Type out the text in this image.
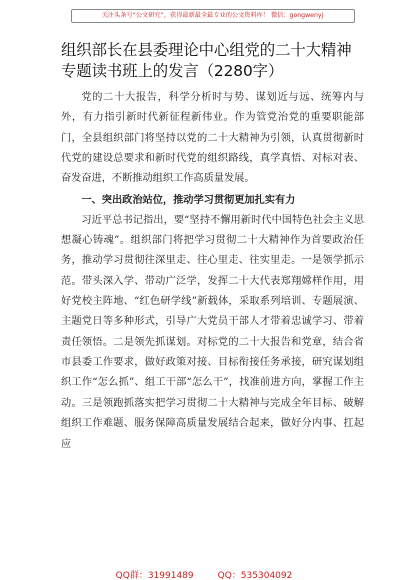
关注头条号“公文研究”，获得最新最全最专业的公文资料库！ 微信：gongwenyj
组织部长在县委理论中心组党的二十大精神专题读书班上的发言（2280字）

党的二十大报告，科学分析时与势、谋划近与远、统筹内与外，有力指引新时代新征程新伟业。作为管党治党的重要职能部门，全县组织部门将坚持以党的二十大精神为引领，认真贯彻新时代党的建设总要求和新时代党的组织路线，真学真悟、对标对表、奋发奋进，不断推动组织工作高质量发展。

一、突出政治站位，推动学习贯彻更加扎实有力

习近平总书记指出，要“坚持不懈用新时代中国特色社会主义思想凝心铸魂”。组织部门将把学习贯彻二十大精神作为首要政治任务，推动学习贯彻往深里走、往心里走、往实里走。一是领学抓示范。带头深入学、带动广泛学，发挥二十大代表郑翔嫦样作用，用好党校主阵地、“红色研学线”新载体，采取系列培训、专题展演、主题党日等多种形式，引导广大党员干部人才带着忠诚学习、带着责任领悟。二是领先抓谋划。对标党的二十大报告和党章，结合省市县委工作要求，做好政策对接、目标衔接任务承接，研究谋划组织工作“怎么抓”、组工干部“怎么干”，找准前进方向，掌握工作主动。三是领跑抓落实把学习贯彻二十大精神与完成全年目标、破解组织工作难题、服务保障高质量发展结合起来，做好分内事、扛起应

QQ群：31991489	QQ：535304092
